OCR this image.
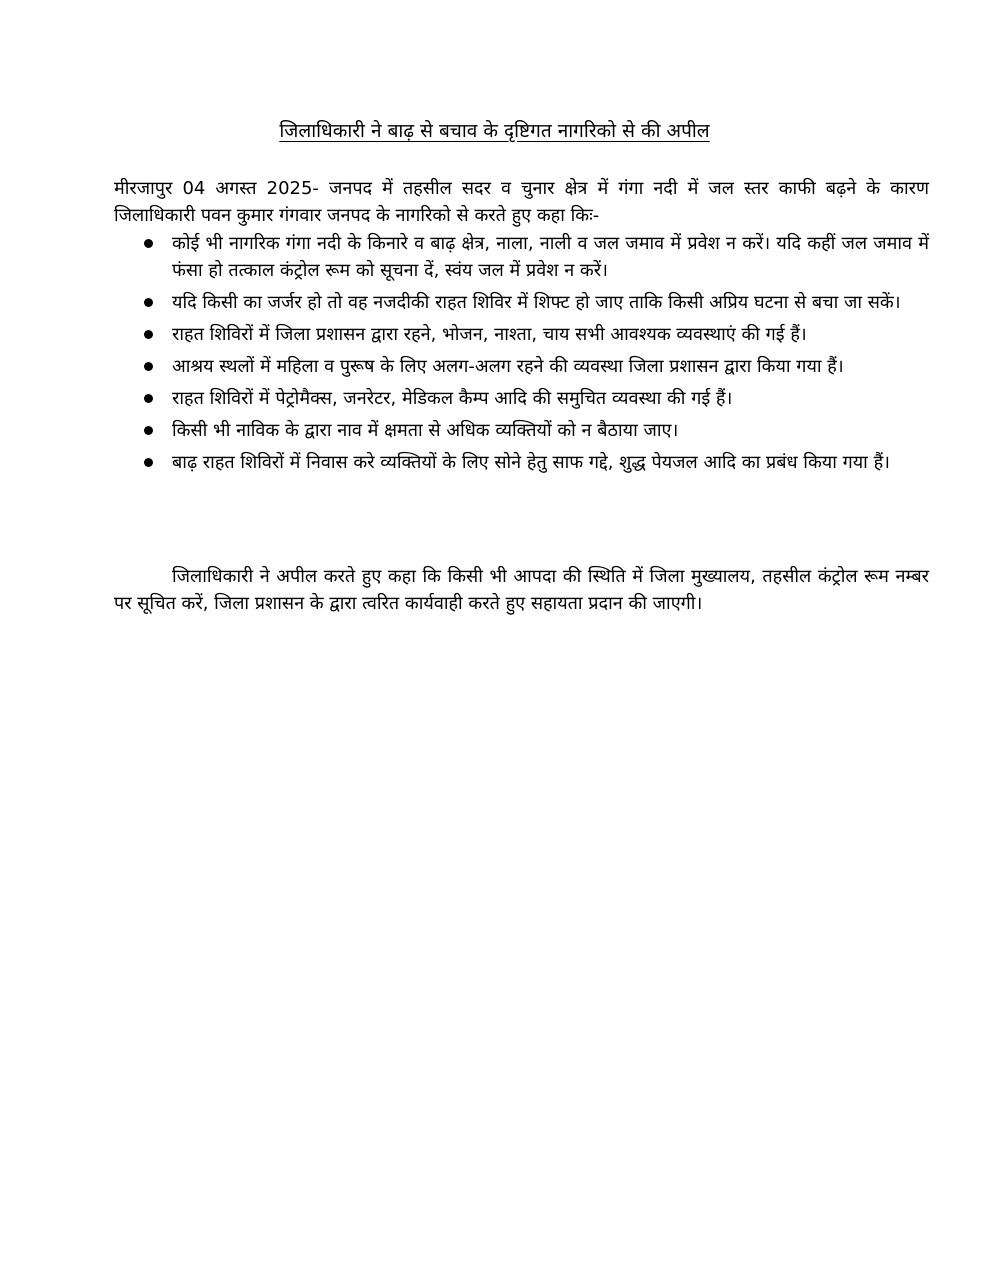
जिलाधिकारी ने बाढ़ से बचाव के दृष्टिगत नागरिको से की अपील

मीरजापुर 04 अगस्त 2025- जनपद में तहसील सदर व चुनार क्षेत्र में गंगा नदी में जल स्तर काफी बढ़ने के कारण जिलाधिकारी पवन कुमार गंगवार जनपद के नागरिको से करते हुए कहा किः-

कोई भी नागरिक गंगा नदी के किनारे व बाढ़ क्षेत्र, नाला, नाली व जल जमाव में प्रवेश न करें। यदि कहीं जल जमाव में फंसा हो तत्काल कंट्रोल रूम को सूचना दें, स्वंय जल में प्रवेश न करें।
यदि किसी का जर्जर हो तो वह नजदीकी राहत शिविर में शिफ्ट हो जाए ताकि किसी अप्रिय घटना से बचा जा सकें।
राहत शिविरों में जिला प्रशासन द्वारा रहने, भोजन, नाश्ता, चाय सभी आवश्यक व्यवस्थाएं की गई हैं।
आश्रय स्थलों में महिला व पुरूष के लिए अलग-अलग रहने की व्यवस्था जिला प्रशासन द्वारा किया गया हैं।
राहत शिविरों में पेट्रोमैक्स, जनरेटर, मेडिकल कैम्प आदि की समुचित व्यवस्था की गई हैं।
किसी भी नाविक के द्वारा नाव में क्षमता से अधिक व्यक्तियों को न बैठाया जाए।
बाढ़ राहत शिविरों में निवास करे व्यक्तियों के लिए सोने हेतु साफ गद्दे, शुद्ध पेयजल आदि का प्रबंध किया गया हैं।

जिलाधिकारी ने अपील करते हुए कहा कि किसी भी आपदा की स्थिति में जिला मुख्यालय, तहसील कंट्रोल रूम नम्बर पर सूचित करें, जिला प्रशासन के द्वारा त्वरित कार्यवाही करते हुए सहायता प्रदान की जाएगी।
